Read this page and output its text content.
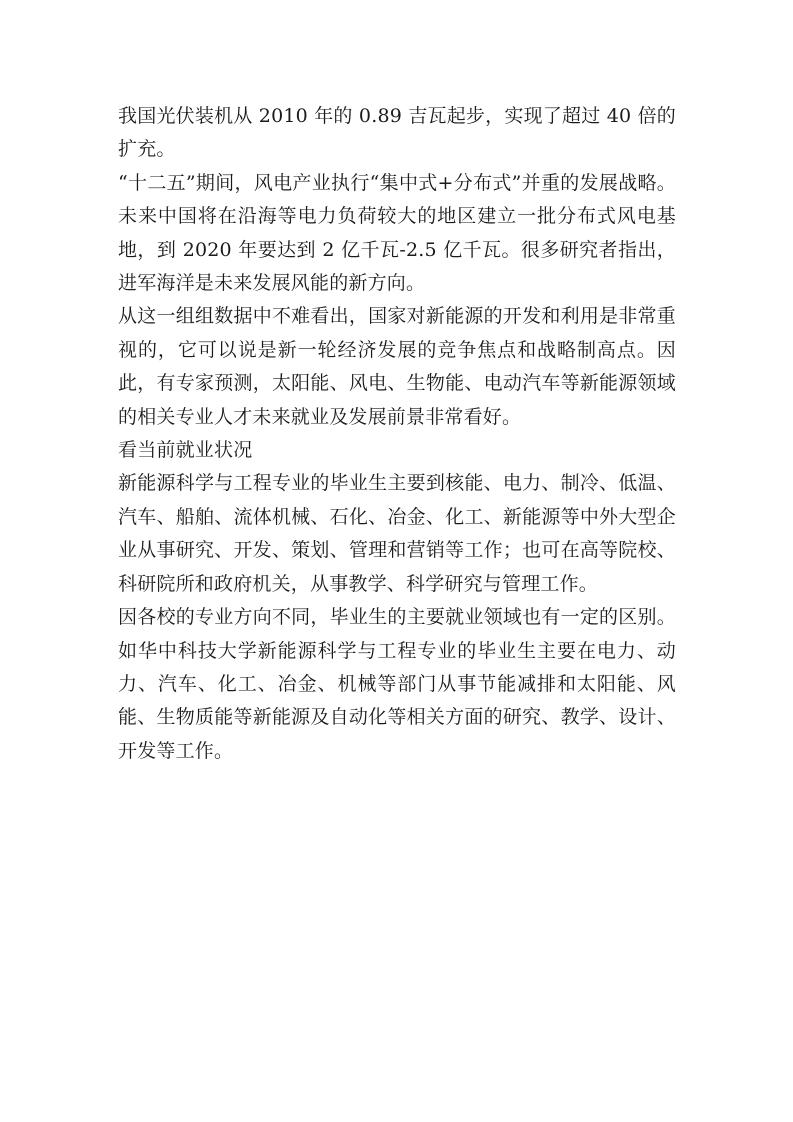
我国光伏装机从 2010 年的 0.89 吉瓦起步，实现了超过 40 倍的扩充。

“十二五”期间，风电产业执行“集中式+分布式”并重的发展战略。未来中国将在沿海等电力负荷较大的地区建立一批分布式风电基地，到 2020 年要达到 2 亿千瓦-2.5 亿千瓦。很多研究者指出，进军海洋是未来发展风能的新方向。

从这一组组数据中不难看出，国家对新能源的开发和利用是非常重视的，它可以说是新一轮经济发展的竞争焦点和战略制高点。因此，有专家预测，太阳能、风电、生物能、电动汽车等新能源领域的相关专业人才未来就业及发展前景非常看好。

看当前就业状况

新能源科学与工程专业的毕业生主要到核能、电力、制冷、低温、汽车、船舶、流体机械、石化、冶金、化工、新能源等中外大型企业从事研究、开发、策划、管理和营销等工作；也可在高等院校、科研院所和政府机关，从事教学、科学研究与管理工作。

因各校的专业方向不同，毕业生的主要就业领域也有一定的区别。如华中科技大学新能源科学与工程专业的毕业生主要在电力、动力、汽车、化工、冶金、机械等部门从事节能减排和太阳能、风能、生物质能等新能源及自动化等相关方面的研究、教学、设计、开发等工作。
